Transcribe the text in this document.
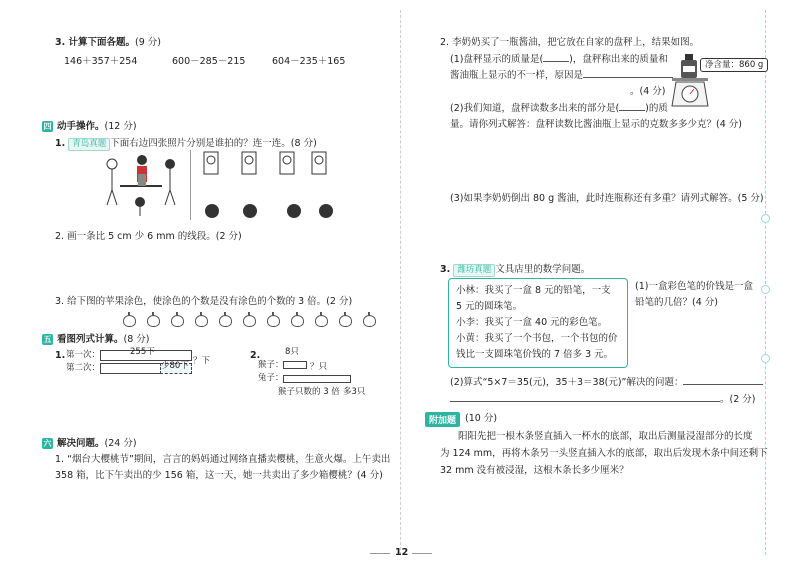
3. 计算下面各题。(9 分)
146＋357＋254	600－285－215	604－235＋165
四 动手操作。(12 分)
1. 青岛真题 下面右边四张照片分别是谁拍的？连一连。(8 分)
2. 画一条比 5 cm 少 6 mm 的线段。(2 分)
3. 给下图的苹果涂色，使涂色的个数是没有涂色的个数的 3 倍。(2 分)
五 看图列式计算。(8 分)
1. 第一次：	255下
第二次：	少80下 ？下	2.	8只
猴子：	？只
兔子：
猴子只数的 3 倍 多3只
六 解决问题。(24 分)
1. “烟台大樱桃节”期间，言言的妈妈通过网络直播卖樱桃，生意火爆。上午卖出
358 箱，比下午卖出的少 156 箱，这一天，她一共卖出了多少箱樱桃？(4 分)
2. 李奶奶买了一瓶酱油，把它放在自家的盘秤上，结果如图。
(1)盘秤显示的质量是(	)，盘秤称出来的质量和
酱油瓶上显示的不一样，原因是
。(4 分)
净含量：860 g
(2)我们知道，盘秤读数多出来的部分是(	)的质
量。请你列式解答：盘秤读数比酱油瓶上显示的克数多多少克？(4 分)
(3)如果李奶奶倒出 80 g 酱油，此时连瓶称还有多重？请列式解答。(5 分)
3. 潍坊真题 文具店里的数学问题。
小林：我买了一盒 8 元的铅笔，一支
5 元的圆珠笔。
小李：我买了一盒 40 元的彩色笔。
小黄：我买了一个书包，一个书包的价
钱比一支圆珠笔价钱的 7 倍多 3 元。
(1)一盒彩色笔的价钱是一盒
铅笔的几倍？(4 分)
(2)算式“5×7＝35(元)，35＋3＝38(元)”解决的问题：
。(2 分)
附加题 (10 分)
阳阳先把一根木条竖直插入一杯水的底部，取出后测量浸湿部分的长度
为 124 mm，再将木条另一头竖直插入水的底部，取出后发现木条中间还剩下
32 mm 没有被浸湿，这根木条长多少厘米？
12
